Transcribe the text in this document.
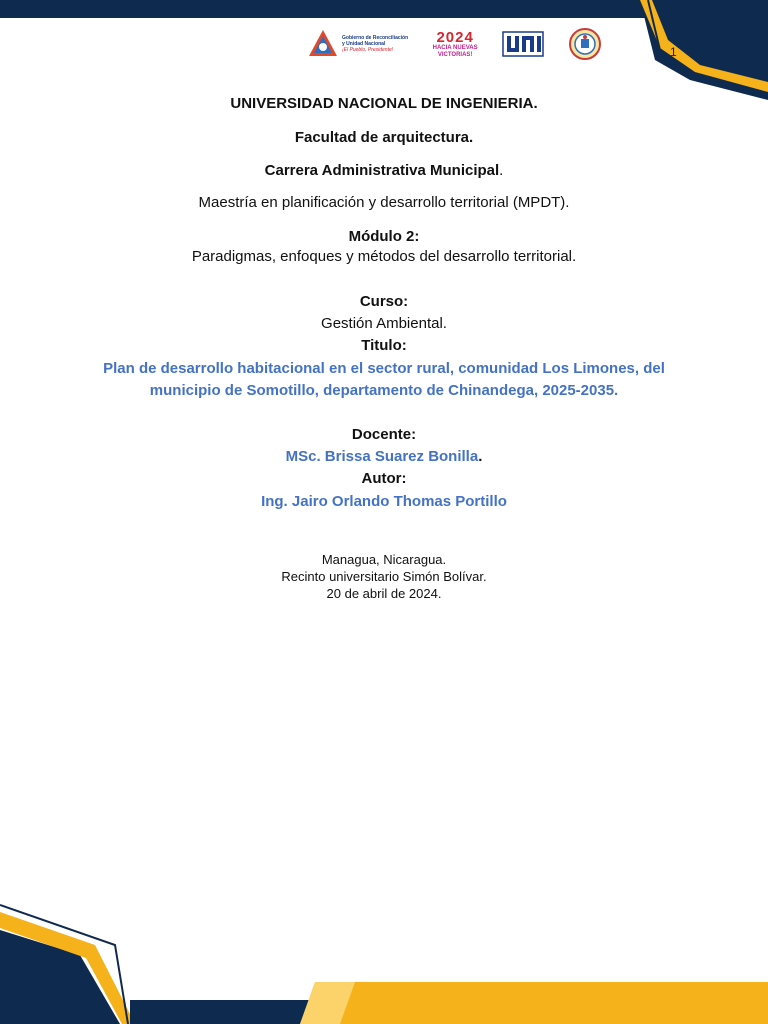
Gobierno de Reconciliación
y Unidad Nacional
¡El Pueblo, Presidente!
2024
HACIA NUEVAS
VICTORIAS!	1
UNIVERSIDAD NACIONAL DE INGENIERIA.
Facultad de arquitectura.
Carrera Administrativa Municipal.
Maestría en planificación y desarrollo territorial (MPDT).
Módulo 2:
Paradigmas, enfoques y métodos del desarrollo territorial.
Curso:
Gestión Ambiental.
Titulo:
Plan de desarrollo habitacional en el sector rural, comunidad Los Limones, del
municipio de Somotillo, departamento de Chinandega, 2025-2035.
Docente:
MSc. Brissa Suarez Bonilla.
Autor:
Ing. Jairo Orlando Thomas Portillo
Managua, Nicaragua.
Recinto universitario Simón Bolívar.
20 de abril de 2024.
